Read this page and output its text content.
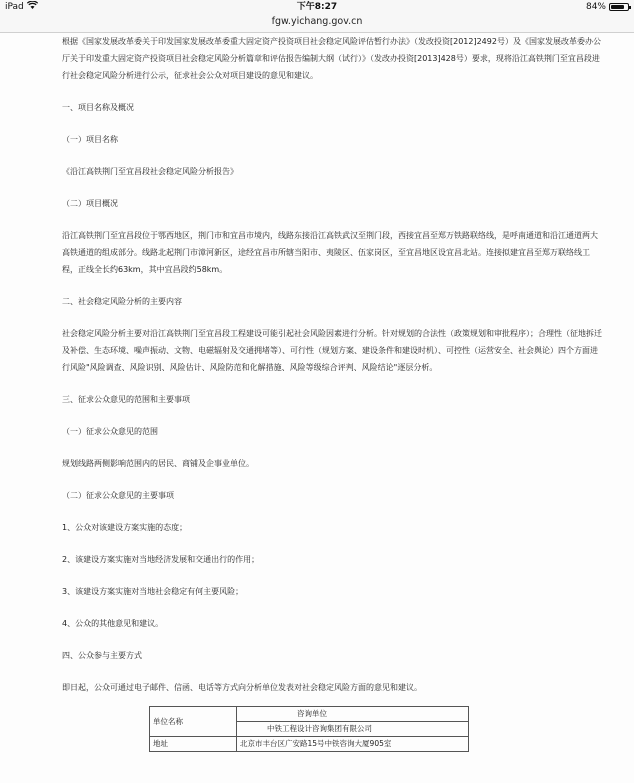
iPad	下午8:27	84%
fgw.yichang.gov.cn

根据《国家发展改革委关于印发国家发展改革委重大固定资产投资项目社会稳定风险评估暂行办法》（发改投资[2012]2492号）及《国家发展改革委办公厅关于印发重大固定资产投资项目社会稳定风险分析篇章和评估报告编制大纲（试行）》（发改办投资[2013]428号）要求，现将沿江高铁荆门至宜昌段进行社会稳定风险分析进行公示，征求社会公众对项目建设的意见和建议。

一、项目名称及概况

（一）项目名称

《沿江高铁荆门至宜昌段社会稳定风险分析报告》

（二）项目概况

沿江高铁荆门至宜昌段位于鄂西地区，荆门市和宜昌市境内，线路东接沿江高铁武汉至荆门段，西接宜昌至郑万铁路联络线，是呼南通道和沿江通道两大高铁通道的组成部分。线路北起荆门市漳河新区，途经宜昌市所辖当阳市、夷陵区、伍家岗区，至宜昌地区设宜昌北站。连接拟建宜昌至郑万联络线工程，正线全长约63km，其中宜昌段约58km。

二、社会稳定风险分析的主要内容

社会稳定风险分析主要对沿江高铁荆门至宜昌段工程建设可能引起社会风险因素进行分析。针对规划的合法性（政策规划和审批程序）；合理性（征地拆迁及补偿、生态环境、噪声振动、文物、电磁辐射及交通拥堵等）、可行性（规划方案、建设条件和建设时机）、可控性（运营安全、社会舆论）四个方面进行风险"风险调查、风险识别、风险估计、风险防范和化解措施、风险等级综合评判、风险结论"逐层分析。

三、征求公众意见的范围和主要事项

（一）征求公众意见的范围

规划线路两侧影响范围内的居民、商铺及企事业单位。

（二）征求公众意见的主要事项

1、公众对该建设方案实施的态度；

2、该建设方案实施对当地经济发展和交通出行的作用；

3、该建设方案实施对当地社会稳定有何主要风险；

4、公众的其他意见和建议。

四、公众参与主要方式

即日起，公众可通过电子邮件、信函、电话等方式向分析单位发表对社会稳定风险方面的意见和建议。

单位名称	咨询单位
	中铁工程设计咨询集团有限公司
地址	北京市丰台区广安路15号中铁咨询大厦905室
